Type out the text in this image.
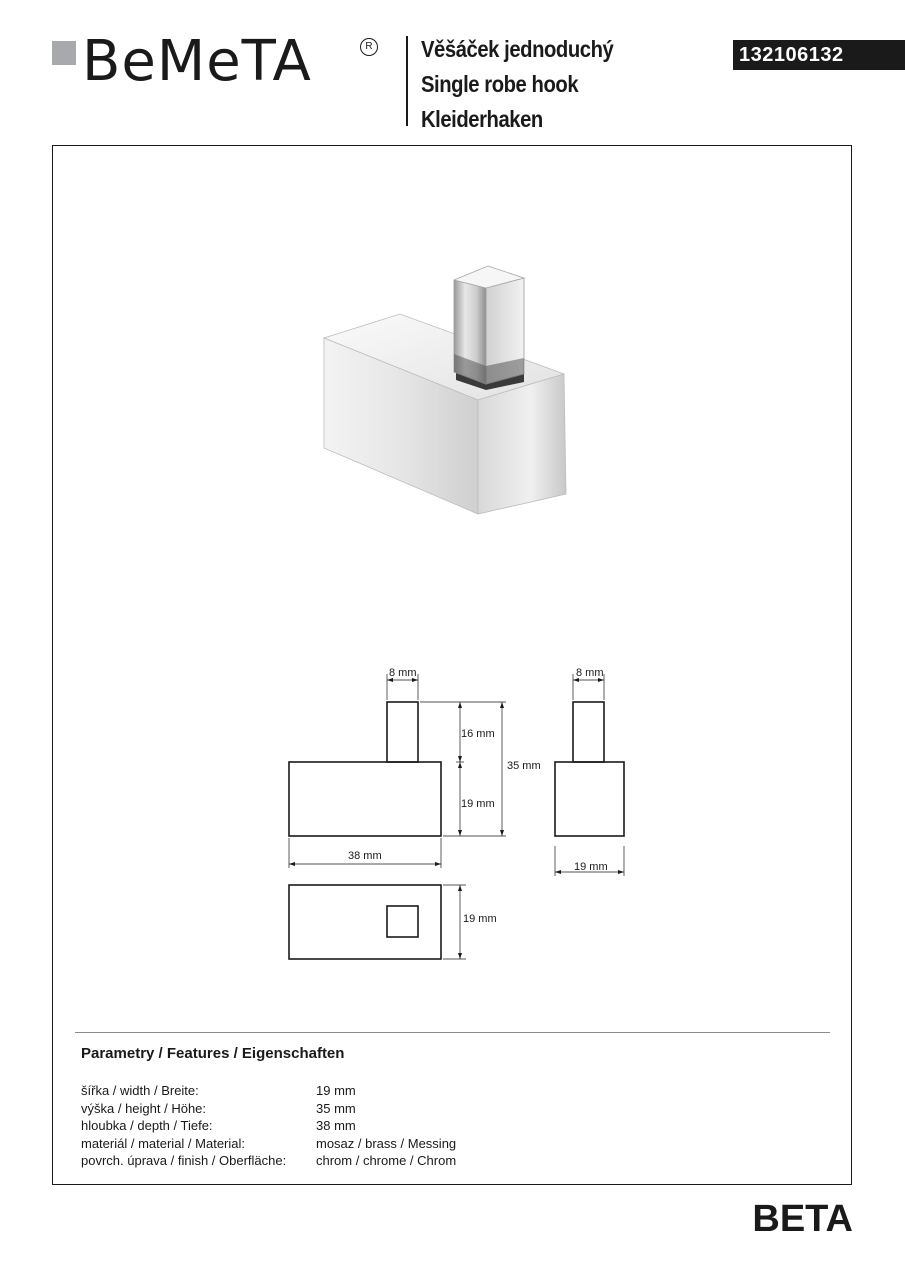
BeMeTA	R Věšáček jednoduchý
Single robe hook
Kleiderhaken
132106132
8 mm	8 mm
16 mm
35 mm
19 mm
38 mm
19 mm
19 mm
Parametry / Features / Eigenschaften
šířka / width / Breite:	19 mm
výška / height / Höhe:	35 mm
hloubka / depth / Tiefe:	38 mm
materiál / material / Material:	mosaz / brass / Messing
povrch. úprava / finish / Oberfläche:	chrom / chrome / Chrom
BETA
